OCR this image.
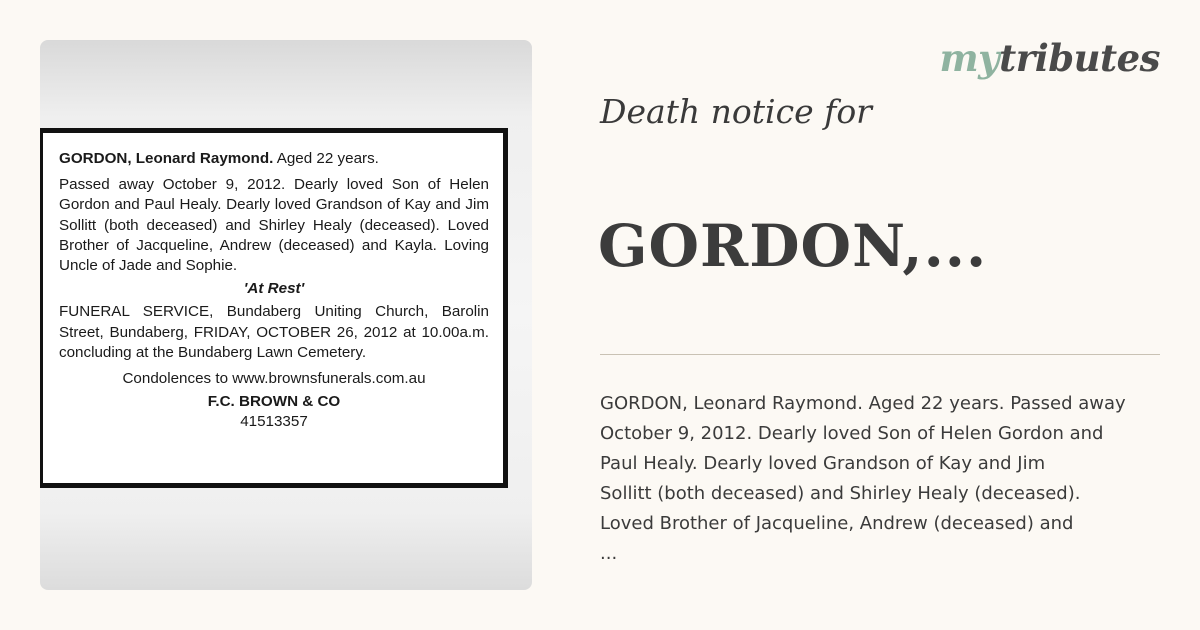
GORDON, Leonard Raymond. Aged 22 years.

Passed away October 9, 2012. Dearly loved Son of Helen Gordon and Paul Healy. Dearly loved Grandson of Kay and Jim Sollitt (both deceased) and Shirley Healy (deceased). Loved Brother of Jacqueline, Andrew (deceased) and Kayla. Loving Uncle of Jade and Sophie.

'At Rest'

FUNERAL SERVICE, Bundaberg Uniting Church, Barolin Street, Bundaberg, FRIDAY, OCTOBER 26, 2012 at 10.00a.m. concluding at the Bundaberg Lawn Cemetery.

Condolences to www.brownsfunerals.com.au

F.C. BROWN & CO

41513357

mytributes
Death notice for
GORDON,...

GORDON, Leonard Raymond. Aged 22 years. Passed away
October 9, 2012. Dearly loved Son of Helen Gordon and
Paul Healy. Dearly loved Grandson of Kay and Jim
Sollitt (both deceased) and Shirley Healy (deceased).
Loved Brother of Jacqueline, Andrew (deceased) and
...
